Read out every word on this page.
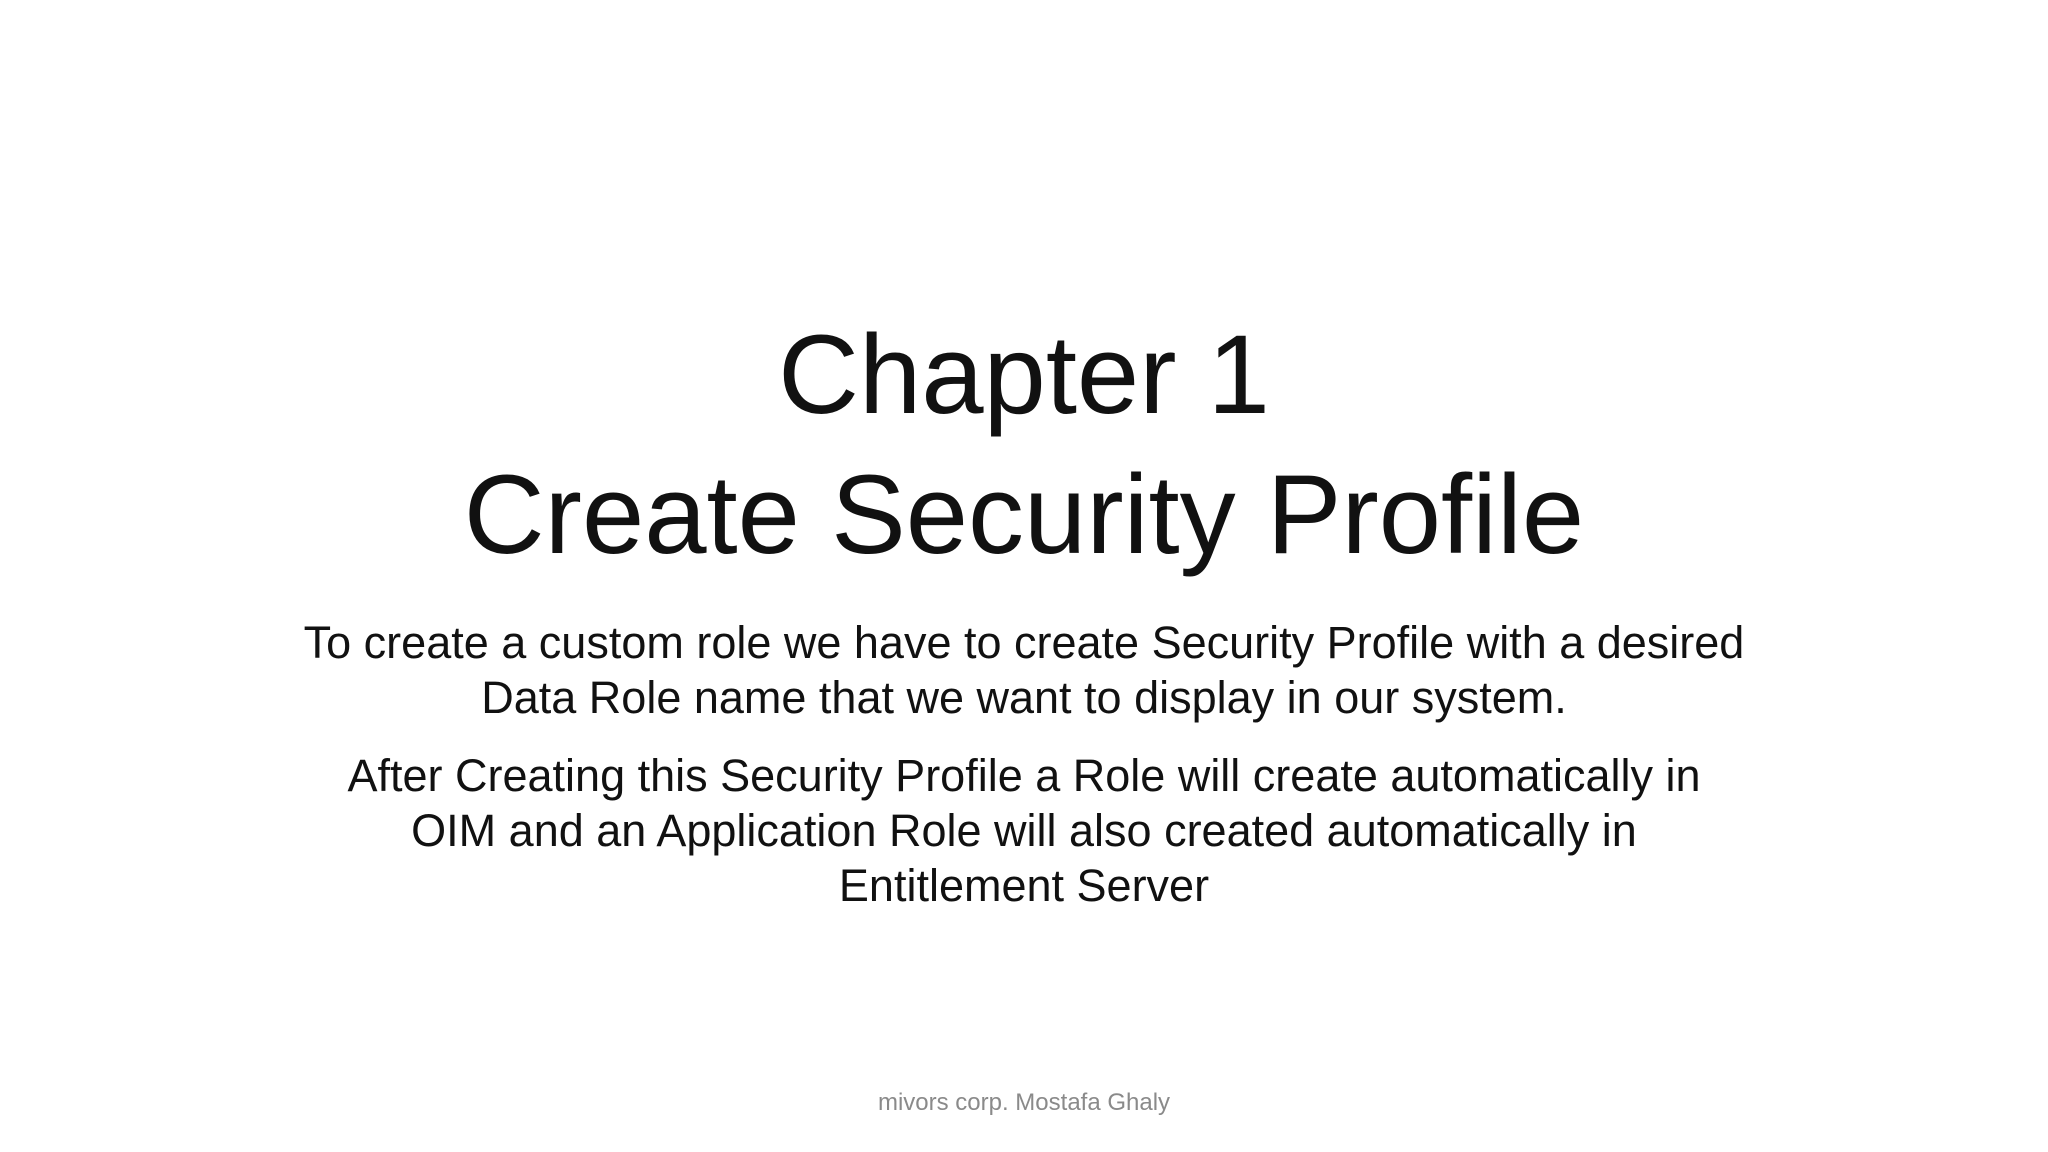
Chapter 1
Create Security Profile
To create a custom role we have to create Security Profile with a desired
Data Role name that we want to display in our system.
After Creating this Security Profile a Role will create automatically in
OIM and an Application Role will also created automatically in
Entitlement Server
mivors corp. Mostafa Ghaly
